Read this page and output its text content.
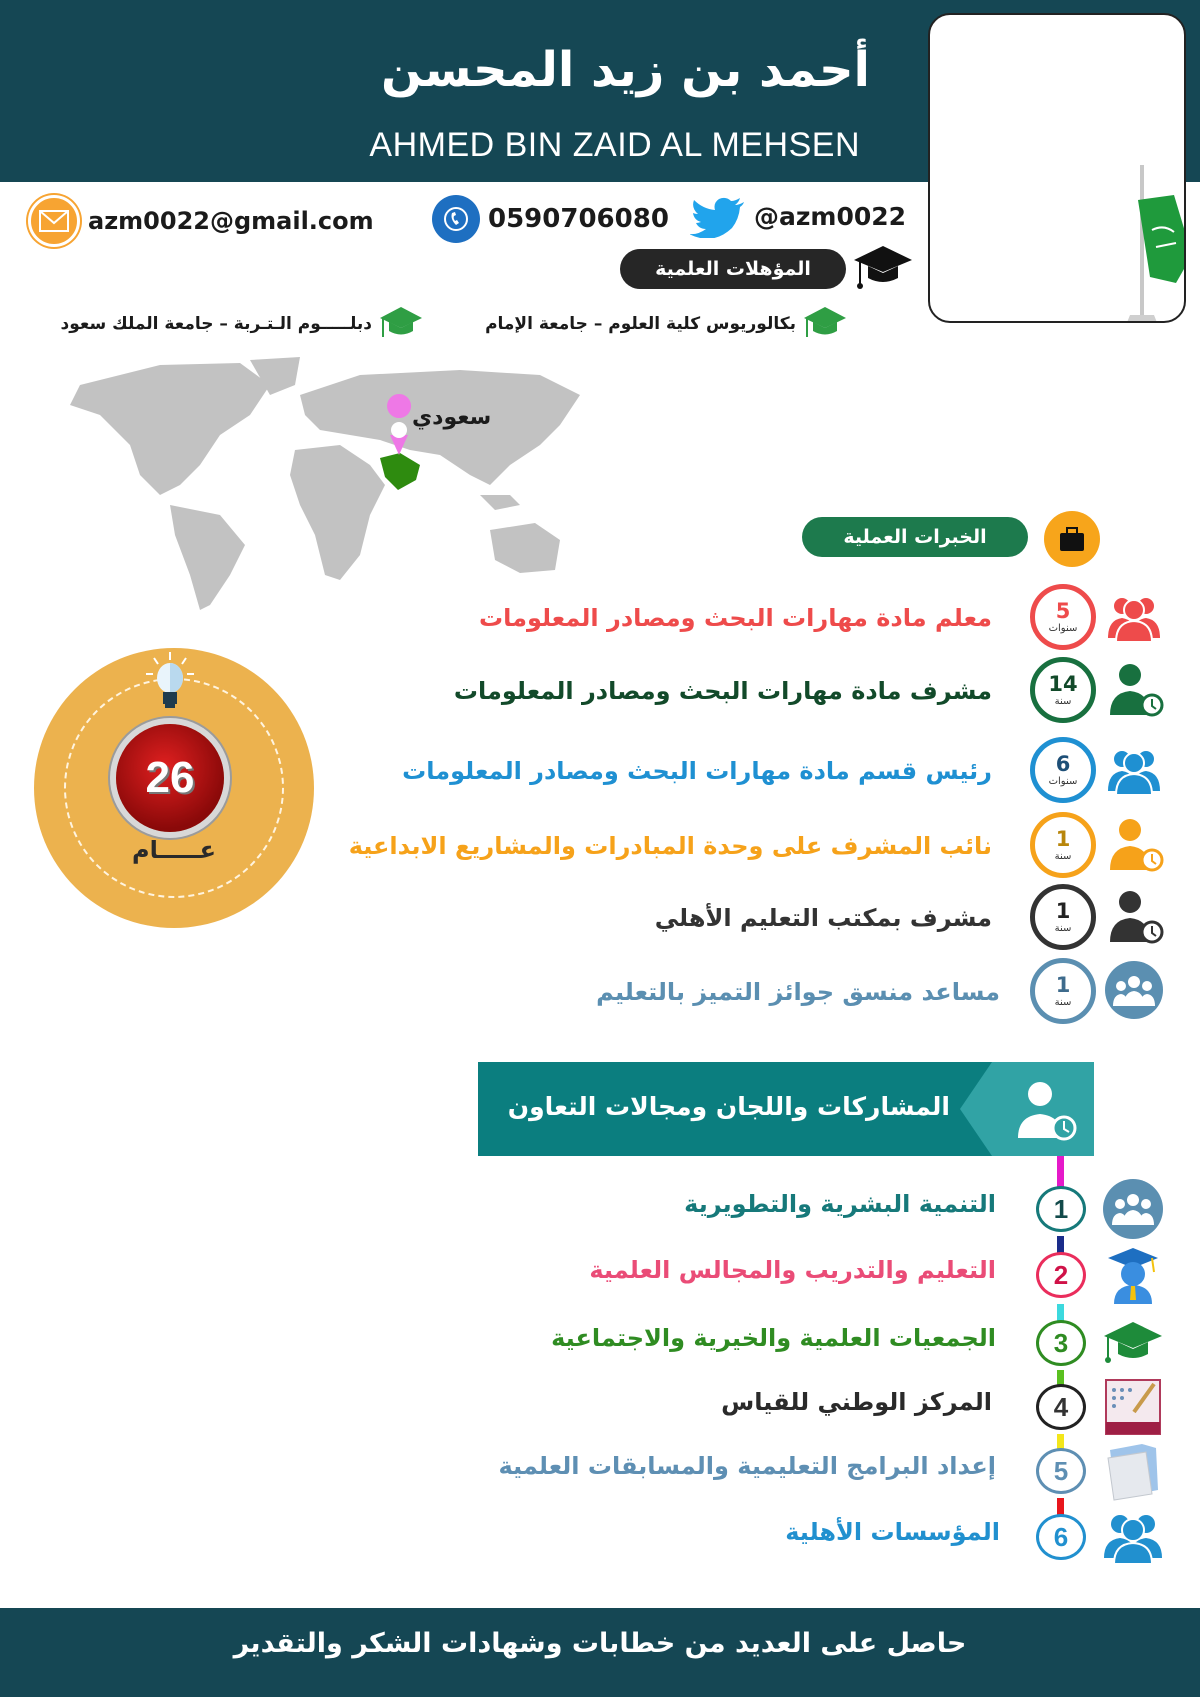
أحمد بن زيد المحسن
AHMED BIN ZAID AL MEHSEN
azm0022@gmail.com	0590706080	@azm0022
المؤهلات العلمية
بكالوريوس كلية العلوم – جامعة الإمام
دبلـــــوم الـتـربة – جامعة الملك سعود
سعودي
الخبرات العملية
26
عـــــام
5
سنوات
معلم مادة مهارات البحث ومصادر المعلومات
14
سنة
مشرف مادة مهارات البحث ومصادر المعلومات
6
سنوات
رئيس قسم مادة مهارات البحث ومصادر المعلومات
1
سنة
نائب المشرف على وحدة المبادرات والمشاريع الابداعية
1
سنة
مشرف بمكتب التعليم الأهلي
1
سنة
مساعد منسق جوائز التميز بالتعليم
المشاركات واللجان ومجالات التعاون
1
التنمية البشرية والتطويرية
2
التعليم والتدريب والمجالس العلمية
3
الجمعيات العلمية والخيرية والاجتماعية
4
المركز الوطني للقياس
5
إعداد البرامج التعليمية والمسابقات العلمية
6
المؤسسات الأهلية
حاصل على العديد من خطابات وشهادات الشكر والتقدير
